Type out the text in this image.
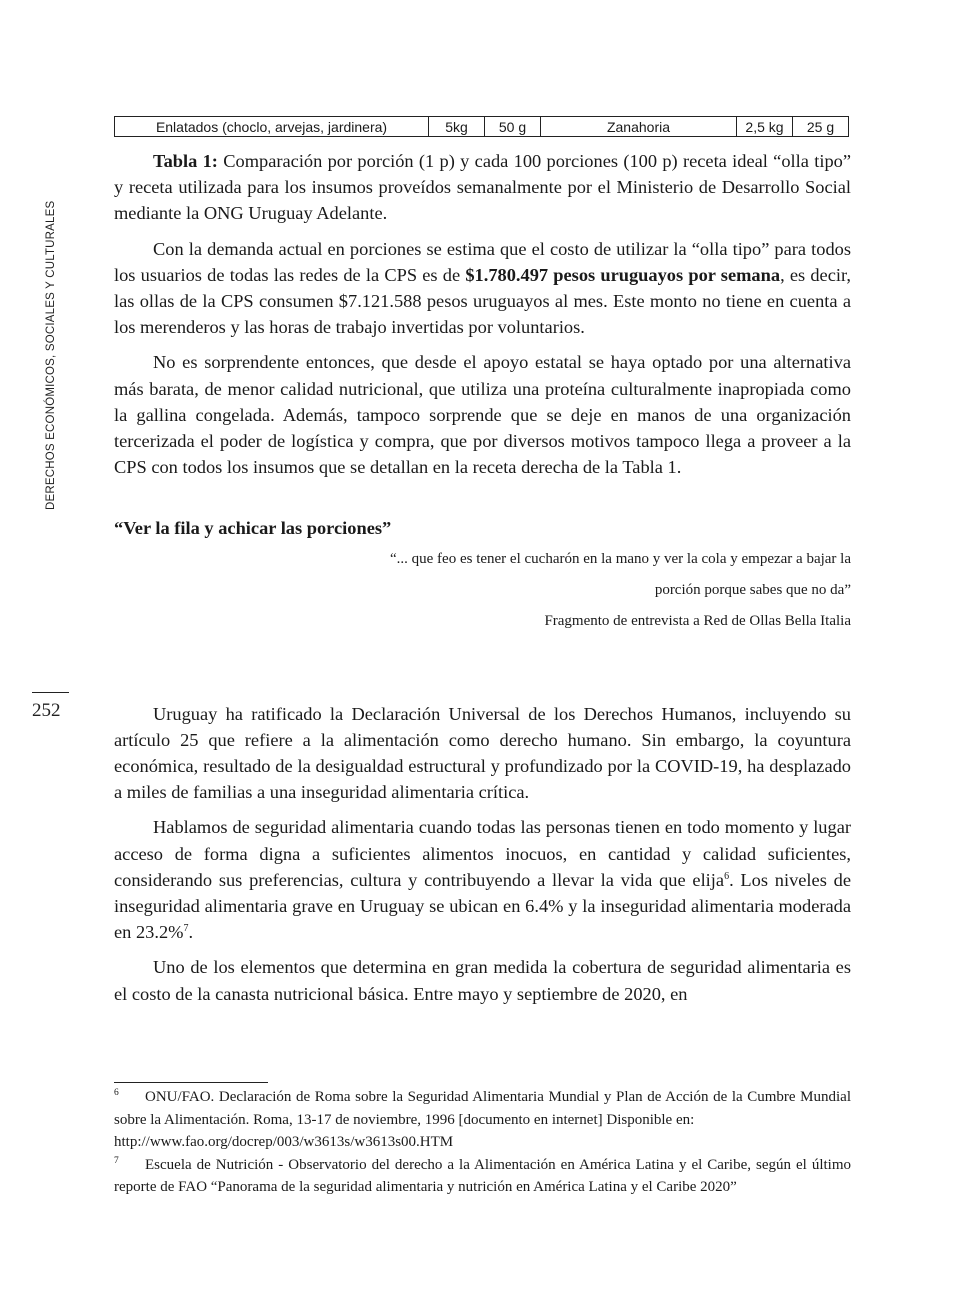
DERECHOS ECONÓMICOS, SOCIALES Y CULTURALES
252
Enlatados (choclo, arvejas, jardinera)	5kg	50 g	Zanahoria	2,5 kg	25 g

Tabla 1: Comparación por porción (1 p) y cada 100 porciones (100 p) receta ideal “olla tipo” y receta utilizada para los insumos proveídos semanalmente por el Ministerio de Desarrollo Social mediante la ONG Uruguay Adelante.

Con la demanda actual en porciones se estima que el costo de utilizar la “olla tipo” para todos los usuarios de todas las redes de la CPS es de $1.780.497 pesos uruguayos por semana, es decir, las ollas de la CPS consumen $7.121.588 pesos uruguayos al mes. Este monto no tiene en cuenta a los merenderos y las horas de trabajo invertidas por voluntarios.

No es sorprendente entonces, que desde el apoyo estatal se haya optado por una alternativa más barata, de menor calidad nutricional, que utiliza una proteína culturalmente inapropiada como la gallina congelada. Además, tampoco sorprende que se deje en manos de una organización tercerizada el poder de logística y compra, que por diversos motivos tampoco llega a proveer a la CPS con todos los insumos que se detallan en la receta derecha de la Tabla 1.

“Ver la fila y achicar las porciones”

“... que feo es tener el cucharón en la mano y ver la cola y empezar a bajar la

porción porque sabes que no da”

Fragmento de entrevista a Red de Ollas Bella Italia

Uruguay ha ratificado la Declaración Universal de los Derechos Humanos, incluyendo su artículo 25 que refiere a la alimentación como derecho humano. Sin embargo, la coyuntura económica, resultado de la desigualdad estructural y profundizado por la COVID-19, ha desplazado a miles de familias a una inseguridad alimentaria crítica.

Hablamos de seguridad alimentaria cuando todas las personas tienen en todo momento y lugar acceso de forma digna a suficientes alimentos inocuos, en cantidad y calidad suficientes, considerando sus preferencias, cultura y contribuyendo a llevar la vida que elija$^6$. Los niveles de inseguridad alimentaria grave en Uruguay se ubican en 6.4% y la inseguridad alimentaria moderada en 23.2%$^7$.

Uno de los elementos que determina en gran medida la cobertura de seguridad alimentaria es el costo de la canasta nutricional básica. Entre mayo y septiembre de 2020, en

6 ONU/FAO. Declaración de Roma sobre la Seguridad Alimentaria Mundial y Plan de Acción de la Cumbre Mundial sobre la Alimentación. Roma, 13-17 de noviembre, 1996 [documento en internet] Disponible en:

http://www.fao.org/docrep/003/w3613s/w3613s00.HTM

7 Escuela de Nutrición - Observatorio del derecho a la Alimentación en América Latina y el Caribe, según el último reporte de FAO “Panorama de la seguridad alimentaria y nutrición en América Latina y el Caribe 2020”
